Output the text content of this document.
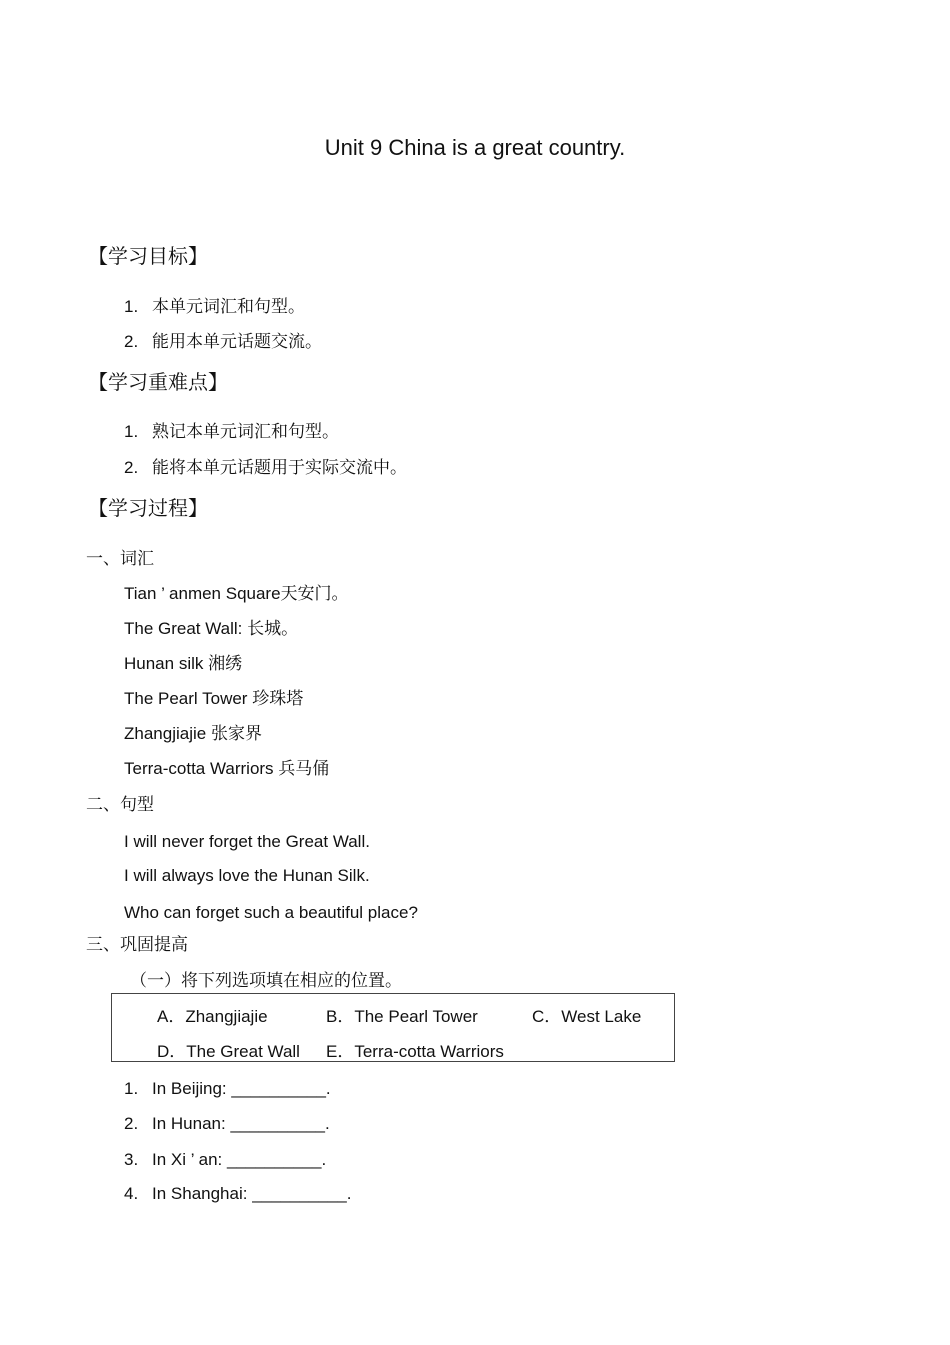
Unit 9 China is a great country.
【学习目标】
1. 本单元词汇和句型。
2. 能用本单元话题交流。
【学习重难点】
1. 熟记本单元词汇和句型。
2. 能将本单元话题用于实际交流中。
【学习过程】
一、词汇
Tian ’ anmen Square天安门。
The Great Wall: 长城。
Hunan silk 湘绣
The Pearl Tower 珍珠塔
Zhangjiajie 张家界
Terra-cotta Warriors 兵马俑
二、句型
I will never forget the Great Wall.
I will always love the Hunan Silk.
Who can forget such a beautiful place?
三、巩固提高
（一）将下列选项填在相应的位置。
A．Zhangjiajie	B．The Pearl Tower	C．West Lake
D．The Great Wall E．Terra-cotta Warriors
1. In Beijing: __________.
2. In Hunan: __________.
3. In Xi ’ an: __________.
4. In Shanghai: __________.
